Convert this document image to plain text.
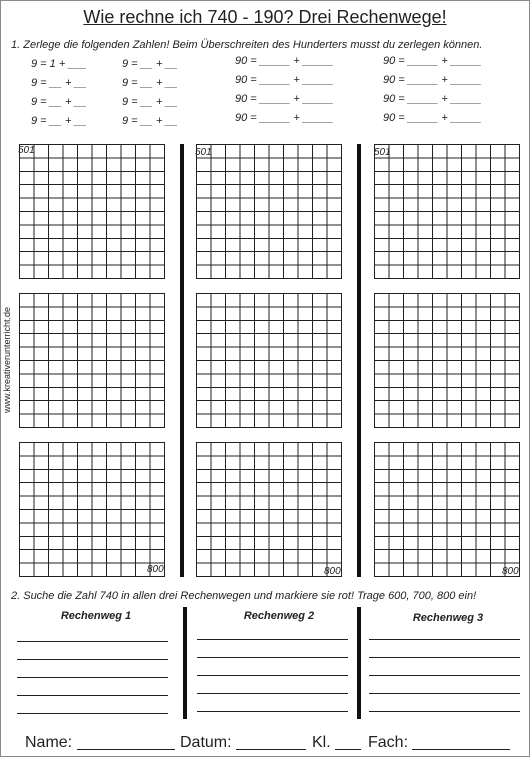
Wie rechne ich 740 - 190? Drei Rechenwege!
1. Zerlege die folgenden Zahlen! Beim Überschreiten des Hunderters musst du zerlegen können.
9 = 1 + ___
9 = __ + __
9 = __ + __
9 = __ + __
9 = __ + __
9 = __ + __
9 = __ + __
9 = __ + __
90 = _____ + _____
90 = _____ + _____
90 = _____ + _____
90 = _____ + _____
90 = _____ + _____
90 = _____ + _____
90 = _____ + _____
90 = _____ + _____
www.kreativerunterricht.de
501	501	501
800	800	800
2. Suche die Zahl 740 in allen drei Rechenwegen und markiere sie rot! Trage 600, 700, 800 ein!
Rechenweg 1	Rechenweg 2	Rechenweg 3
Name:	Datum:	Kl.	Fach:
